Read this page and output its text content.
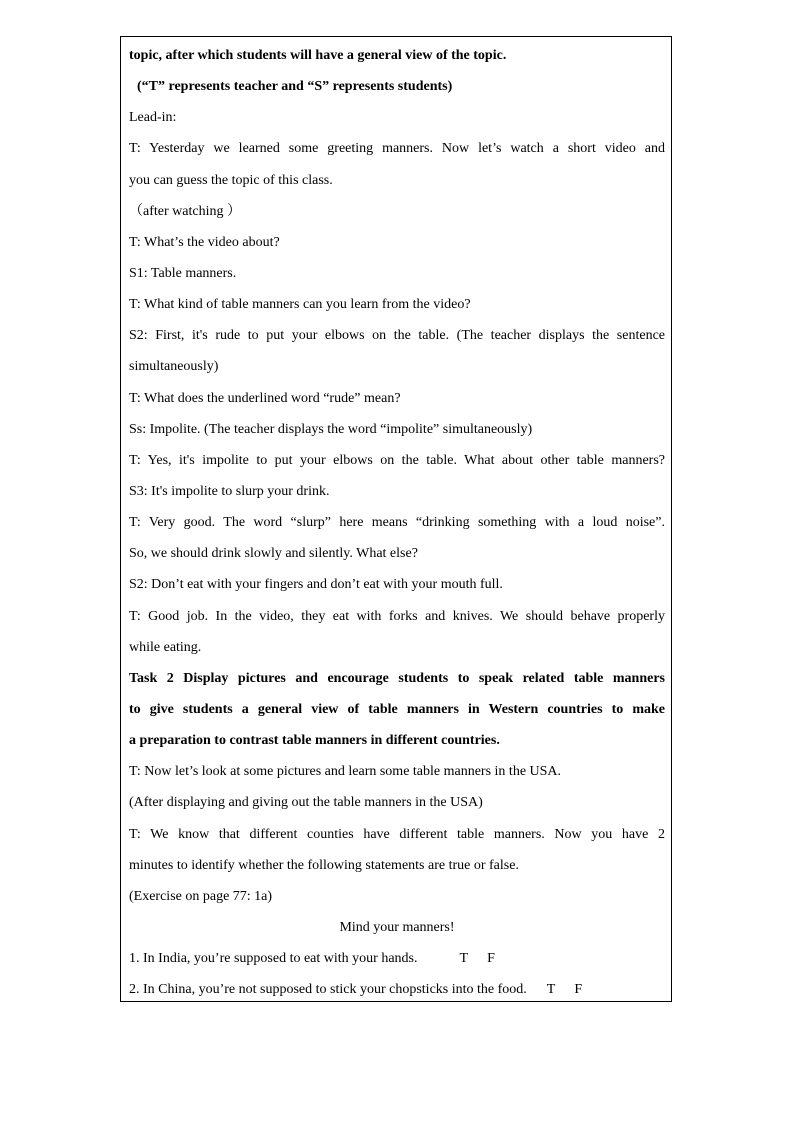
topic, after which students will have a general view of the topic.
(“T” represents teacher and “S” represents students)
Lead-in:
T: Yesterday we learned some greeting manners. Now let’s watch a short video and
you can guess the topic of this class.
（after watching ）
T: What’s the video about?
S1: Table manners.
T: What kind of table manners can you learn from the video?
S2: First, it's rude to put your elbows on the table. (The teacher displays the sentence
simultaneously)
T: What does the underlined word “rude” mean?
Ss: Impolite. (The teacher displays the word “impolite” simultaneously)
T: Yes, it's impolite to put your elbows on the table. What about other table manners?
S3: It's impolite to slurp your drink.
T: Very good. The word “slurp” here means “drinking something with a loud noise”.
So, we should drink slowly and silently. What else?
S2: Don’t eat with your fingers and don’t eat with your mouth full.
T: Good job. In the video, they eat with forks and knives. We should behave properly
while eating.
Task 2 Display pictures and encourage students to speak related table manners
to give students a general view of table manners in Western countries to make
a preparation to contrast table manners in different countries.
T: Now let’s look at some pictures and learn some table manners in the USA.
(After displaying and giving out the table manners in the USA)
T: We know that different counties have different table manners. Now you have 2
minutes to identify whether the following statements are true or false.
(Exercise on page 77: 1a)
Mind your manners!
1. In India, you’re supposed to eat with your hands.	T F
2. In China, you’re not supposed to stick your chopsticks into the food. T F
